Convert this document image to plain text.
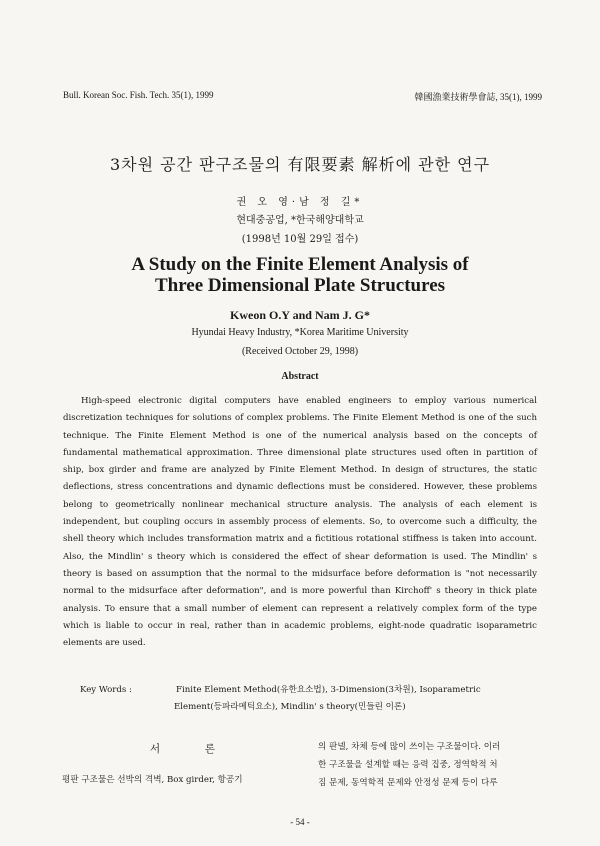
Bull. Korean Soc. Fish. Tech. 35(1), 1999	韓國漁業技術學會誌, 35(1), 1999
3차원 공간 판구조물의 有限要素 解析에 관한 연구
권 오 영·남 정 길*
현대중공업, *한국해양대학교
(1998년 10월 29일 접수)
A Study on the Finite Element Analysis of
Three Dimensional Plate Structures
Kweon O.Y and Nam J. G*
Hyundai Heavy Industry, *Korea Maritime University
(Received October 29, 1998)
Abstract

High-speed electronic digital computers have enabled engineers to employ various numerical discretization techniques for solutions of complex problems. The Finite Element Method is one of the such technique. The Finite Element Method is one of the numerical analysis based on the concepts of fundamental mathematical approximation. Three dimensional plate structures used often in partition of ship, box girder and frame are analyzed by Finite Element Method. In design of structures, the static deflections, stress concentrations and dynamic deflections must be considered. However, these problems belong to geometrically nonlinear mechanical structure analysis. The analysis of each element is independent, but coupling occurs in assembly process of elements. So, to overcome such a difficulty, the shell theory which includes transformation matrix and a fictitious rotational stiffness is taken into account. Also, the Mindlin' s theory which is considered the effect of shear deformation is used. The Mindlin' s theory is based on assumption that the normal to the midsurface before deformation is "not necessarily normal to the midsurface after deformation", and is more powerful than Kirchoff' s theory in thick plate analysis. To ensure that a small number of element can represent a relatively complex form of the type which is liable to occur in real, rather than in academic problems, eight-node quadratic isoparametric elements are used.

Key Words :	Finite Element Method(유한요소법), 3-Dimension(3차원), Isoparametric
Element(등파라메틱요소), Mindlin' s theory(민들린 이론)
서	론
평판 구조물은 선박의 격벽, Box girder, 항공기
의 판넬, 차체 등에 많이 쓰이는 구조물이다. 이러
한 구조물을 설계할 때는 응력 집중, 정역학적 처
짐 문제, 동역학적 문제와 안정성 문제 등이 다루
- 54 -
